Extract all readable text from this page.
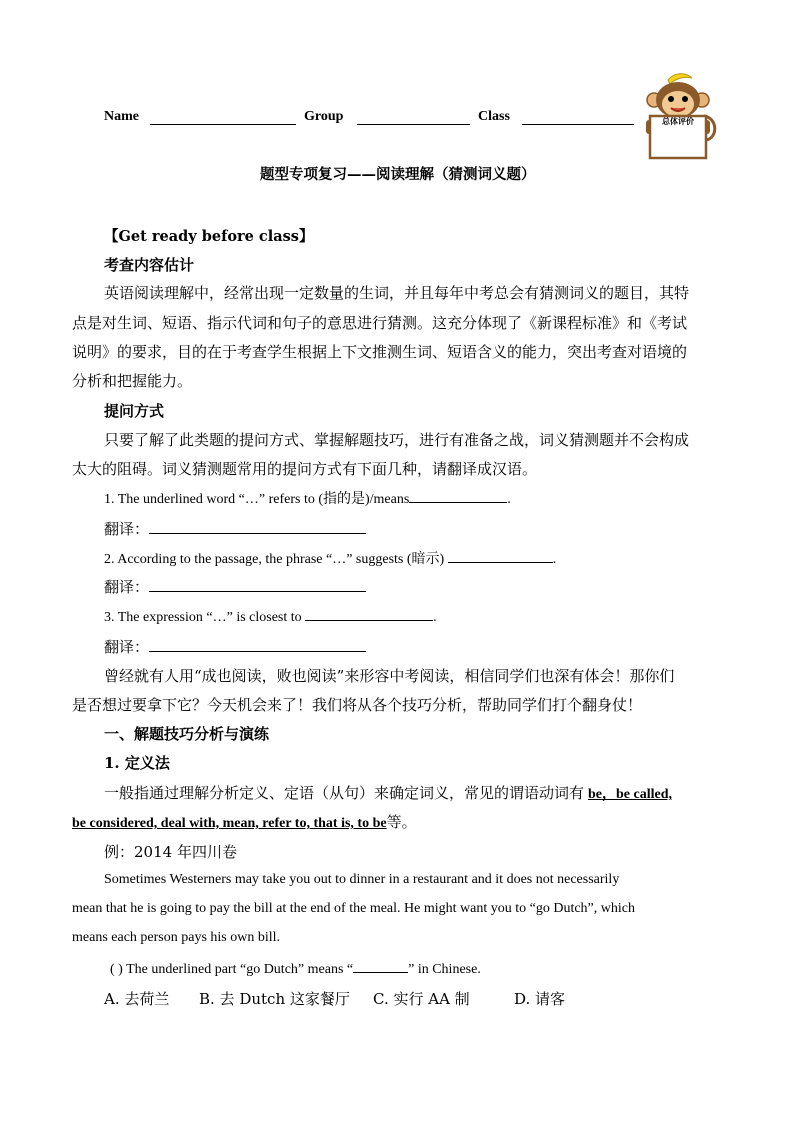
Name	Group	Class	总体评价
题型专项复习——阅读理解（猜测词义题）
【Get ready before class】
考查内容估计
英语阅读理解中，经常出现一定数量的生词，并且每年中考总会有猜测词义的题目，其特
点是对生词、短语、指示代词和句子的意思进行猜测。这充分体现了《新课程标准》和《考试
说明》的要求，目的在于考查学生根据上下文推测生词、短语含义的能力，突出考查对语境的
分析和把握能力。
提问方式
只要了解了此类题的提问方式、掌握解题技巧，进行有准备之战，词义猜测题并不会构成
太大的阻碍。词义猜测题常用的提问方式有下面几种，请翻译成汉语。
1. The underlined word “…” refers to (指的是)/means	.
翻译：
2. According to the passage, the phrase “…” suggests (暗示)	.
翻译：
3. The expression “…” is closest to	.
翻译：
曾经就有人用“成也阅读，败也阅读”来形容中考阅读，相信同学们也深有体会！那你们
是否想过要拿下它？今天机会来了！我们将从各个技巧分析，帮助同学们打个翻身仗！
一、解题技巧分析与演练
1. 定义法
一般指通过理解分析定义、定语（从句）来确定词义，常见的谓语动词有 be，be called,
be considered, deal with, mean, refer to, that is, to be等。
例：2014 年四川卷
Sometimes Westerners may take you out to dinner in a restaurant and it does not necessarily
mean that he is going to pay the bill at the end of the meal. He might want you to “go Dutch”, which
means each person pays his own bill.
( ) The underlined part “go Dutch” means “	” in Chinese.
A. 去荷兰 B. 去 Dutch 这家餐厅 C. 实行 AA 制	D. 请客
